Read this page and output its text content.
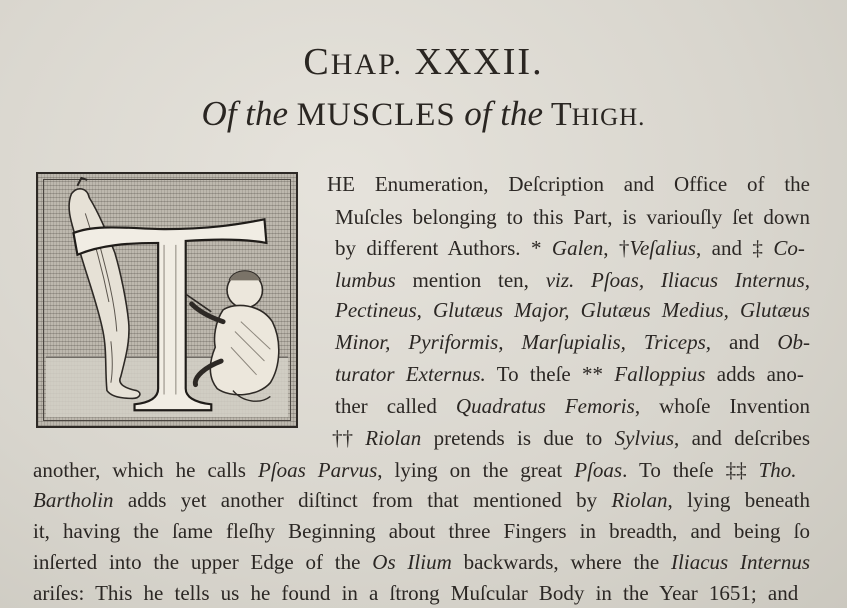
CHAP. XXXII.
Of the MUSCLES of the THIGH.
HE Enumeration, Deſcription and Office of the
Muſcles belonging to this Part, is variouſly ſet down
by different Authors. * Galen, †Veſalius, and ‡ Co-
lumbus mention ten, viz. Pſoas, Iliacus Internus,
Pectineus, Glutæus Major, Glutæus Medius, Glutæus
Minor, Pyriformis, Marſupialis, Triceps, and Ob-
turator Externus. To theſe ** Falloppius adds ano-
ther called Quadratus Femoris, whoſe Invention
†† Riolan pretends is due to Sylvius, and deſcribes
another, which he calls Pſoas Parvus, lying on the great Pſoas. To theſe ‡‡ Tho.
Bartholin adds yet another diſtinct from that mentioned by Riolan, lying beneath
it, having the ſame fleſhy Beginning about three Fingers in breadth, and being ſo
inſerted into the upper Edge of the Os Ilium backwards, where the Iliacus Internus
ariſes: This he tells us he found in a ſtrong Muſcular Body in the Year 1651; and
